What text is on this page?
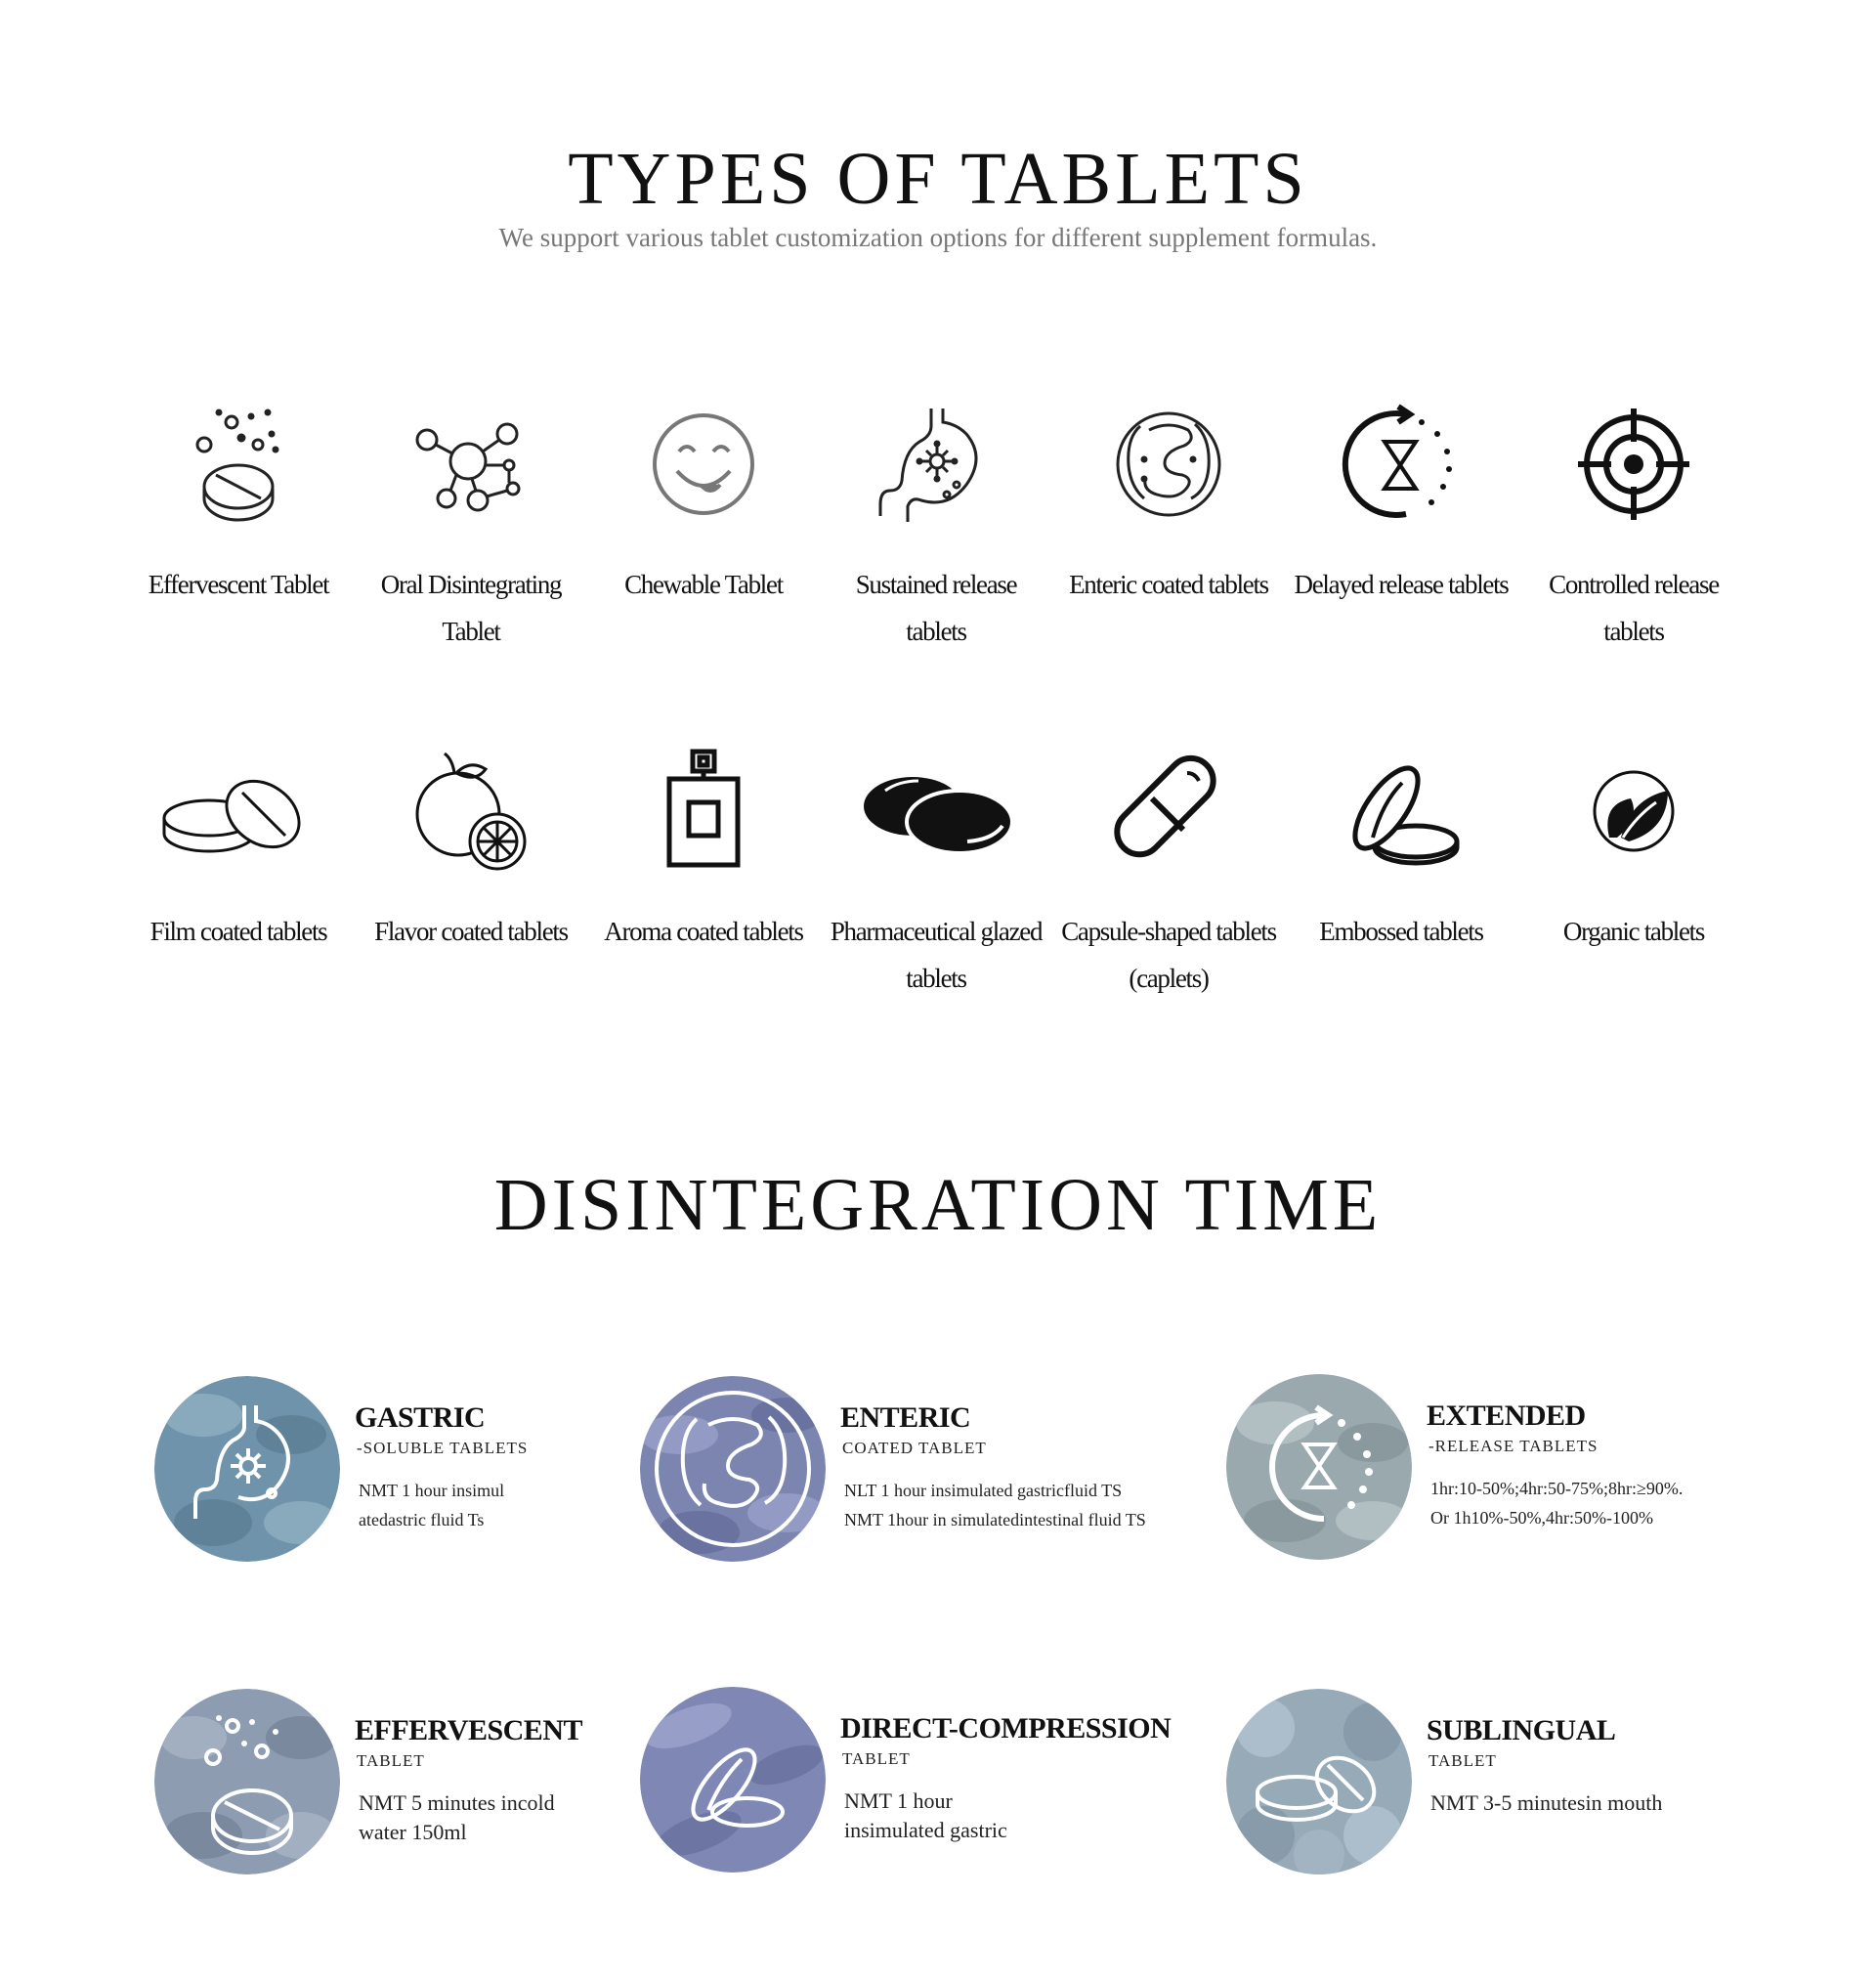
TYPES OF TABLETS

We support various tablet customization options for different supplement formulas.

Effervescent Tablet	Oral Disintegrating Tablet
Chewable Tablet	Sustained release tablets
Enteric coated tablets Delayed release tablets	Controlled release tablets
Film coated tablets Flavor coated tablets Aroma coated tablets Pharmaceutical glazed tablets
Capsule-shaped tablets (caplets)
Embossed tablets	Organic tablets
DISINTEGRATION TIME

GASTRIC

-SOLUBLE TABLETS

NMT 1 hour insimul
atedastric fluid Ts

ENTERIC

COATED TABLET

NLT 1 hour insimulated gastricfluid TS
NMT 1hour in simulatedintestinal fluid TS

EXTENDED

-RELEASE TABLETS

1hr:10-50%;4hr:50-75%;8hr:≥90%.
Or 1h10%-50%,4hr:50%-100%

EFFERVESCENT

TABLET

NMT 5 minutes incold
water 150ml

DIRECT-COMPRESSION

TABLET

NMT 1 hour
insimulated gastric

SUBLINGUAL

TABLET

NMT 3-5 minutesin mouth
